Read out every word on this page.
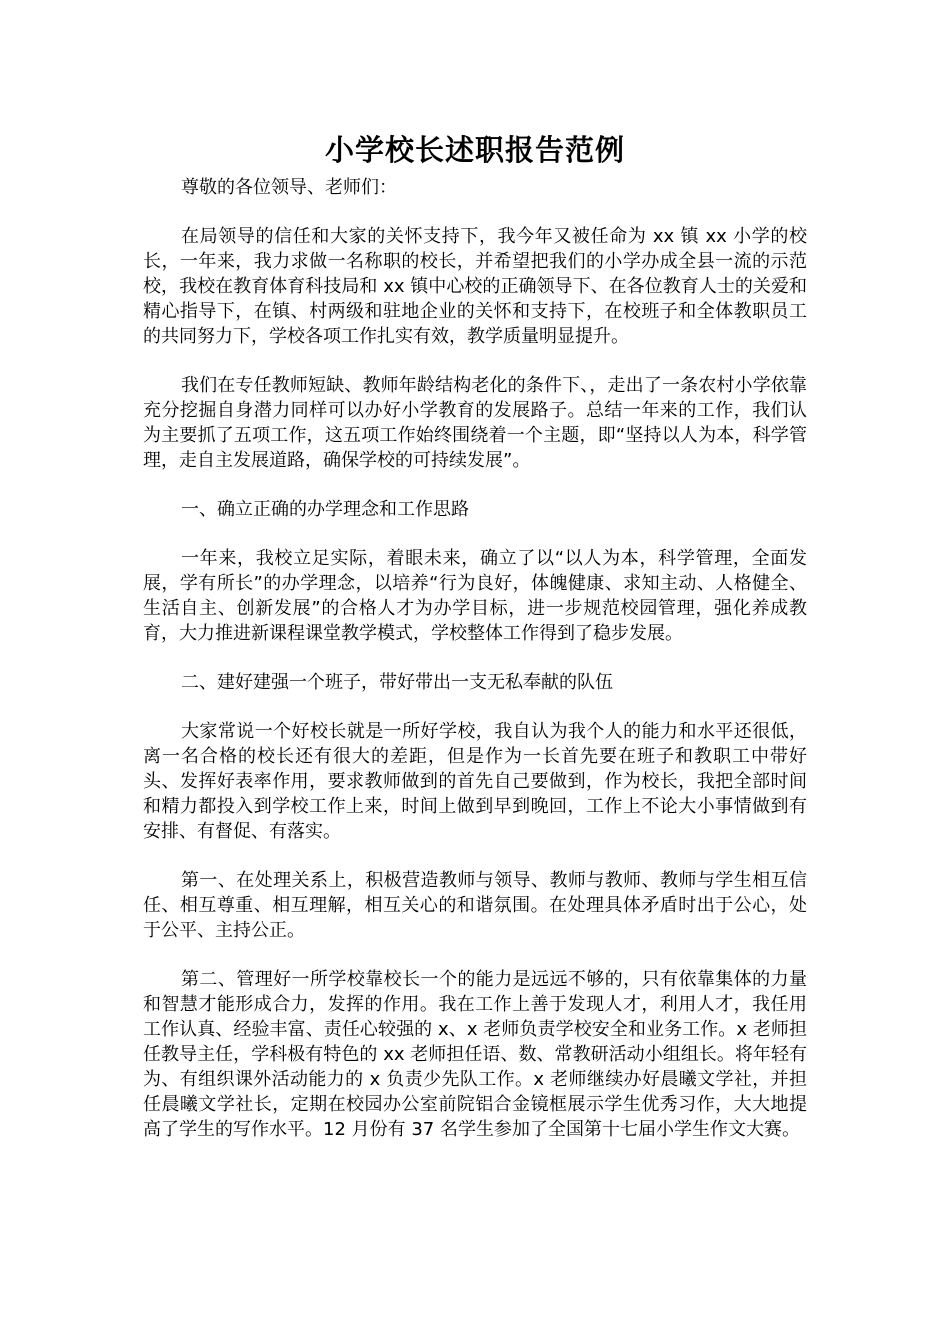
小学校长述职报告范例

尊敬的各位领导、老师们：

在局领导的信任和大家的关怀支持下，我今年又被任命为 xx 镇 xx 小学的校长，一年来，我力求做一名称职的校长，并希望把我们的小学办成全县一流的示范校，我校在教育体育科技局和 xx 镇中心校的正确领导下、在各位教育人士的关爱和精心指导下，在镇、村两级和驻地企业的关怀和支持下，在校班子和全体教职员工的共同努力下，学校各项工作扎实有效，教学质量明显提升。

我们在专任教师短缺、教师年龄结构老化的条件下、，走出了一条农村小学依靠充分挖掘自身潜力同样可以办好小学教育的发展路子。总结一年来的工作，我们认为主要抓了五项工作，这五项工作始终围绕着一个主题，即“坚持以人为本，科学管理，走自主发展道路，确保学校的可持续发展”。

一、确立正确的办学理念和工作思路

一年来，我校立足实际，着眼未来，确立了以“以人为本，科学管理，全面发展，学有所长”的办学理念，以培养“行为良好，体魄健康、求知主动、人格健全、生活自主、创新发展”的合格人才为办学目标，进一步规范校园管理，强化养成教育，大力推进新课程课堂教学模式，学校整体工作得到了稳步发展。

二、建好建强一个班子，带好带出一支无私奉献的队伍

大家常说一个好校长就是一所好学校，我自认为我个人的能力和水平还很低，离一名合格的校长还有很大的差距，但是作为一长首先要在班子和教职工中带好头、发挥好表率作用，要求教师做到的首先自己要做到，作为校长，我把全部时间和精力都投入到学校工作上来，时间上做到早到晚回，工作上不论大小事情做到有安排、有督促、有落实。

第一、在处理关系上，积极营造教师与领导、教师与教师、教师与学生相互信任、相互尊重、相互理解，相互关心的和谐氛围。在处理具体矛盾时出于公心，处于公平、主持公正。

第二、管理好一所学校靠校长一个的能力是远远不够的，只有依靠集体的力量和智慧才能形成合力，发挥的作用。我在工作上善于发现人才，利用人才，我任用工作认真、经验丰富、责任心较强的 x、x 老师负责学校安全和业务工作。x 老师担任教导主任，学科极有特色的 xx 老师担任语、数、常教研活动小组组长。将年轻有为、有组织课外活动能力的 x 负责少先队工作。x 老师继续办好晨曦文学社，并担任晨曦文学社长，定期在校园办公室前院铝合金镜框展示学生优秀习作，大大地提高了学生的写作水平。12 月份有 37 名学生参加了全国第十七届小学生作文大赛。
